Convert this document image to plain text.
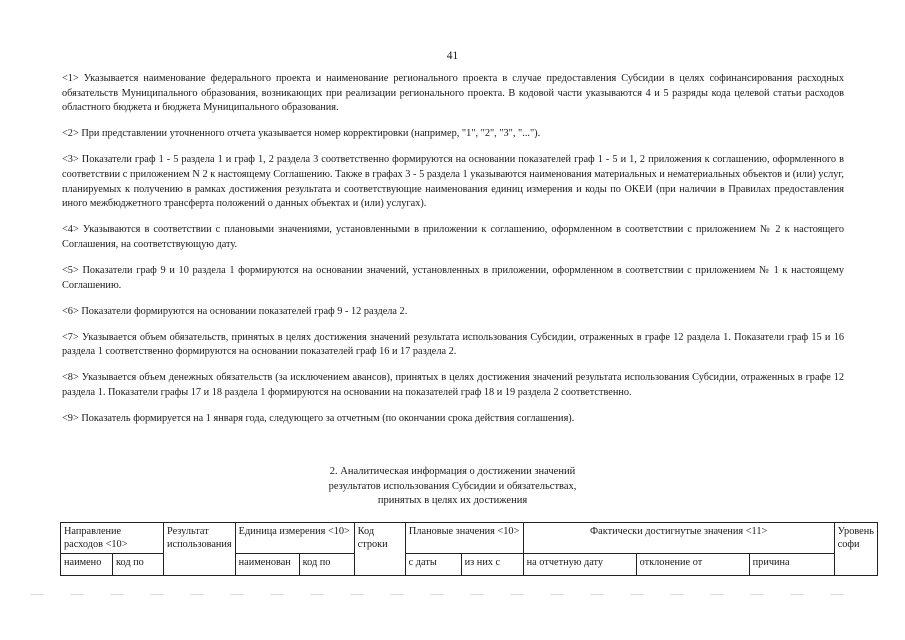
41

<1> Указывается наименование федерального проекта и наименование регионального проекта в случае предоставления Субсидии в целях софинансирования расходных обязательств Муниципального образования, возникающих при реализации регионального проекта. В кодовой части указываются 4 и 5 разряды кода целевой статьи расходов областного бюджета и бюджета Муниципального образования.

<2> При представлении уточненного отчета указывается номер корректировки (например, "1", "2", "3", "...").

<3> Показатели граф 1 - 5 раздела 1 и граф 1, 2 раздела 3 соответственно формируются на основании показателей граф 1 - 5 и 1, 2 приложения к соглашению, оформленного в соответствии с приложением N 2 к настоящему Соглашению. Также в графах 3 - 5 раздела 1 указываются наименования материальных и нематериальных объектов и (или) услуг, планируемых к получению в рамках достижения результата и соответствующие наименования единиц измерения и коды по ОКЕИ (при наличии в Правилах предоставления иного межбюджетного трансферта положений о данных объектах и (или) услугах).

<4> Указываются в соответствии с плановыми значениями, установленными в приложении к соглашению, оформленном в соответствии с приложением № 2 к настоящего Соглашения, на соответствующую дату.

<5> Показатели граф 9 и 10 раздела 1 формируются на основании значений, установленных в приложении, оформленном в соответствии с приложением № 1 к настоящему Соглашению.

<6> Показатели формируются на основании показателей граф 9 - 12 раздела 2.

<7> Указывается объем обязательств, принятых в целях достижения значений результата использования Субсидии, отраженных в графе 12 раздела 1. Показатели граф 15 и 16 раздела 1 соответственно формируются на основании показателей граф 16 и 17 раздела 2.

<8> Указывается объем денежных обязательств (за исключением авансов), принятых в целях достижения значений результата использования Субсидии, отраженных в графе 12 раздела 1. Показатели графы 17 и 18 раздела 1 формируются на основании на показателей граф 18 и 19 раздела 2 соответственно.

<9> Показатель формируется на 1 января года, следующего за отчетным (по окончании срока действия соглашения).

2. Аналитическая информация о достижении значений
результатов использования Субсидии и обязательствах,
принятых в целях их достижения
Направление расходов <10>		Результат использования	Единица измерения <10>		Код строки	Плановые значения <10>		Фактически достигнутые значения <11>			Уровень софи
наимено	код по		наименован	код по		с даты	из них с	на отчетную дату	отклонение от	причина	
